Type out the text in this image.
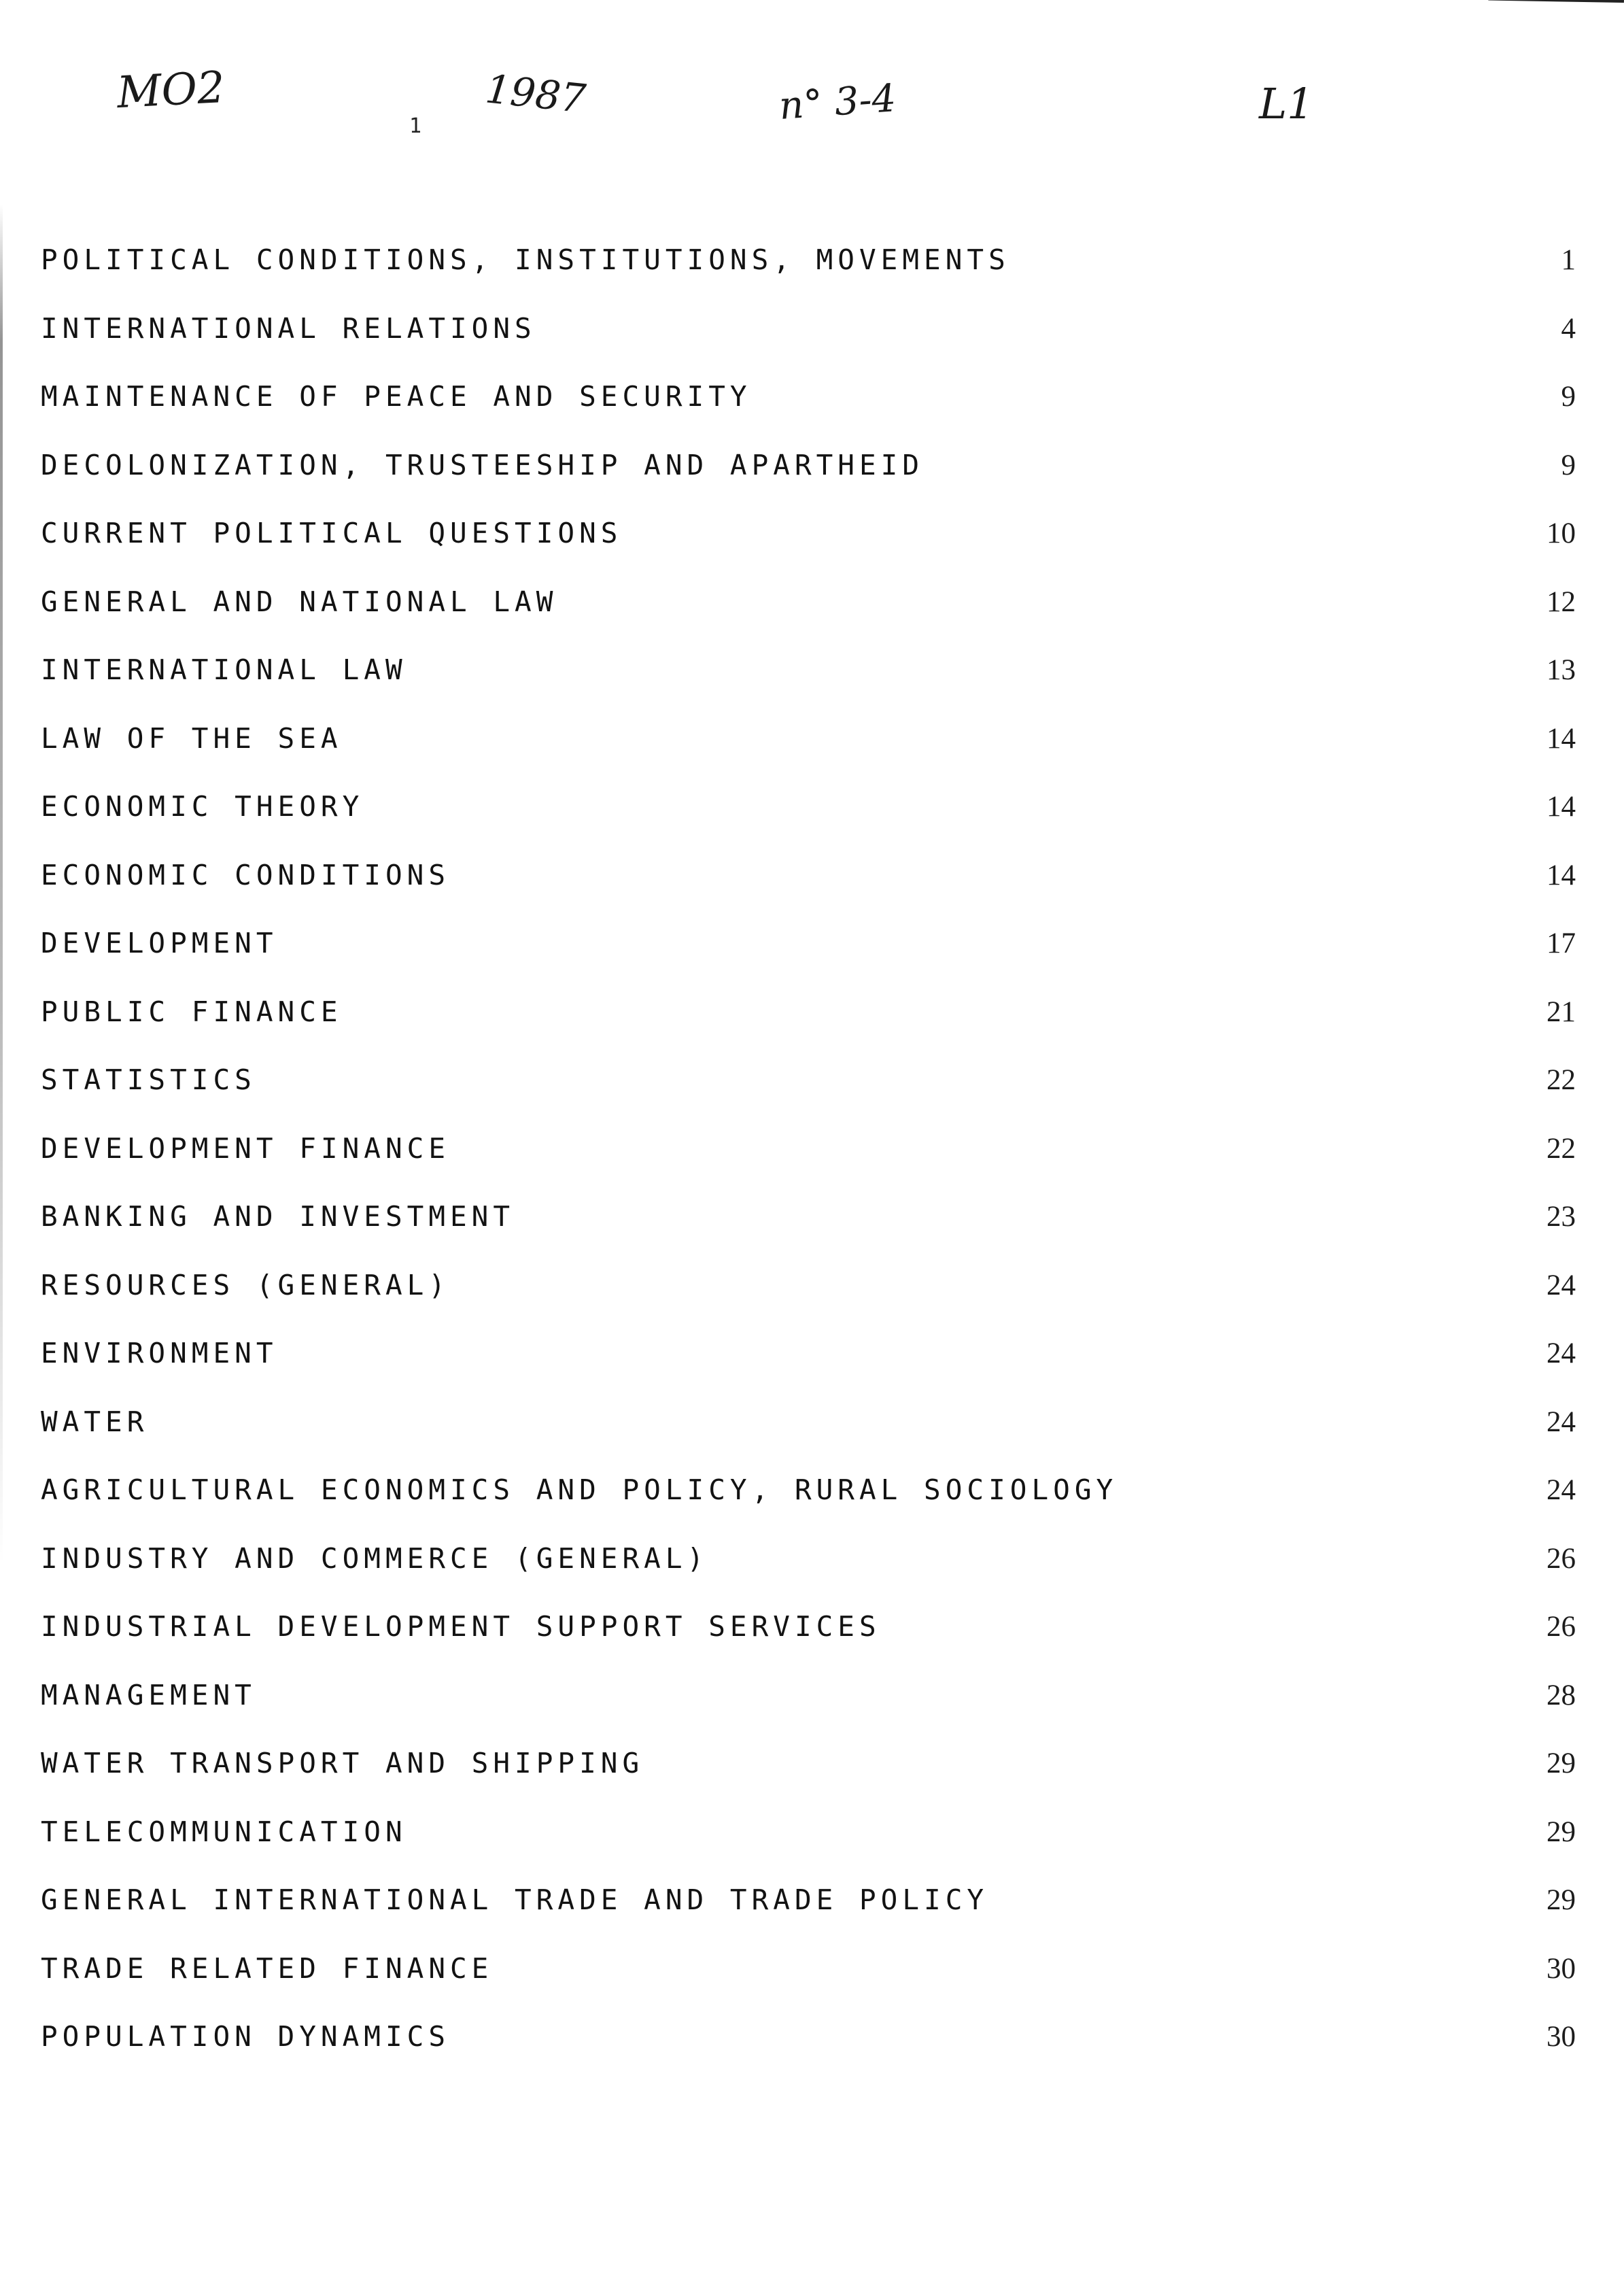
MO2
1
1987	n° 3-4	L1
POLITICAL CONDITIONS, INSTITUTIONS, MOVEMENTS	1
INTERNATIONAL RELATIONS	4
MAINTENANCE OF PEACE AND SECURITY	9
DECOLONIZATION, TRUSTEESHIP AND APARTHEID	9
CURRENT POLITICAL QUESTIONS	10
GENERAL AND NATIONAL LAW	12
INTERNATIONAL LAW	13
LAW OF THE SEA	14
ECONOMIC THEORY	14
ECONOMIC CONDITIONS	14
DEVELOPMENT	17
PUBLIC FINANCE	21
STATISTICS	22
DEVELOPMENT FINANCE	22
BANKING AND INVESTMENT	23
RESOURCES (GENERAL)	24
ENVIRONMENT	24
WATER	24
AGRICULTURAL ECONOMICS AND POLICY, RURAL SOCIOLOGY	24
INDUSTRY AND COMMERCE (GENERAL)	26
INDUSTRIAL DEVELOPMENT SUPPORT SERVICES	26
MANAGEMENT	28
WATER TRANSPORT AND SHIPPING	29
TELECOMMUNICATION	29
GENERAL INTERNATIONAL TRADE AND TRADE POLICY	29
TRADE RELATED FINANCE	30
POPULATION DYNAMICS	30
